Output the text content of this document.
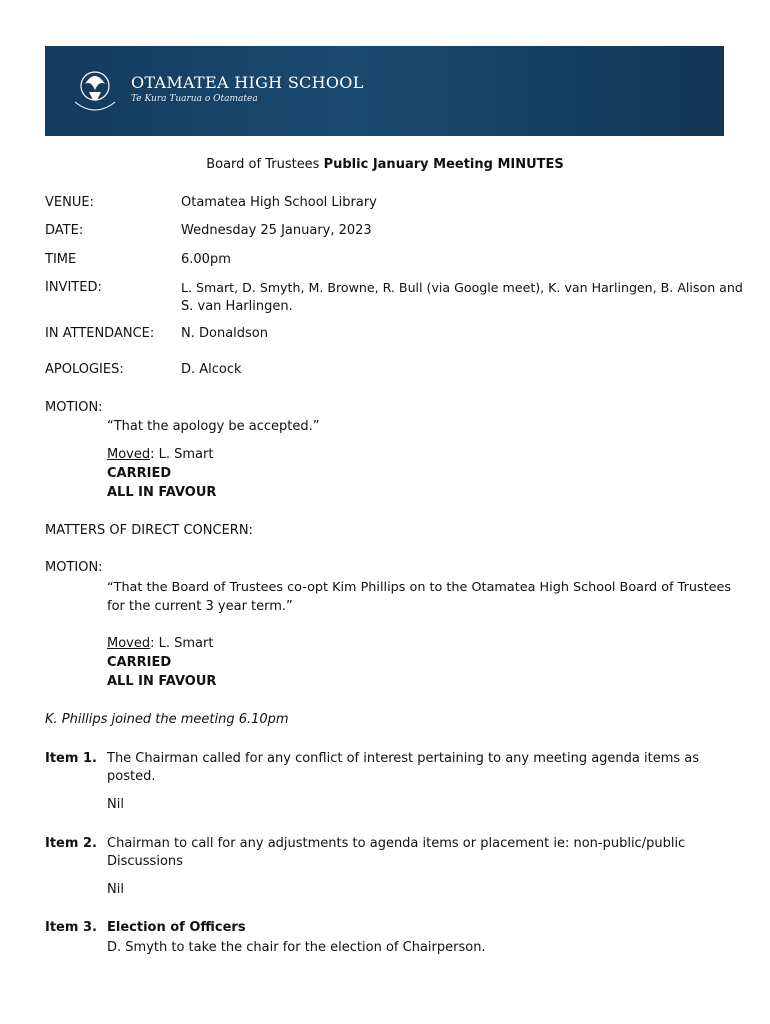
OTAMATEA HIGH SCHOOL
Te Kura Tuarua o Otamatea
Board of Trustees Public January Meeting MINUTES
VENUE:	Otamatea High School Library
DATE:	Wednesday 25 January, 2023
TIME	6.00pm
INVITED:	L. Smart, D. Smyth, M. Browne, R. Bull (via Google meet), K. van Harlingen, B. Alison and
S. van Harlingen.
IN ATTENDANCE: N. Donaldson
APOLOGIES:	D. Alcock
MOTION:
“That the apology be accepted.”
Moved: L. Smart
CARRIED
ALL IN FAVOUR
MATTERS OF DIRECT CONCERN:
MOTION:
“That the Board of Trustees co-opt Kim Phillips on to the Otamatea High School Board of Trustees
for the current 3 year term.”
Moved: L. Smart
CARRIED
ALL IN FAVOUR
K. Phillips joined the meeting 6.10pm
Item 1. The Chairman called for any conflict of interest pertaining to any meeting agenda items as
posted.
Nil
Item 2. Chairman to call for any adjustments to agenda items or placement ie: non-public/public
Discussions
Nil
Item 3. Election of Officers
D. Smyth to take the chair for the election of Chairperson.
